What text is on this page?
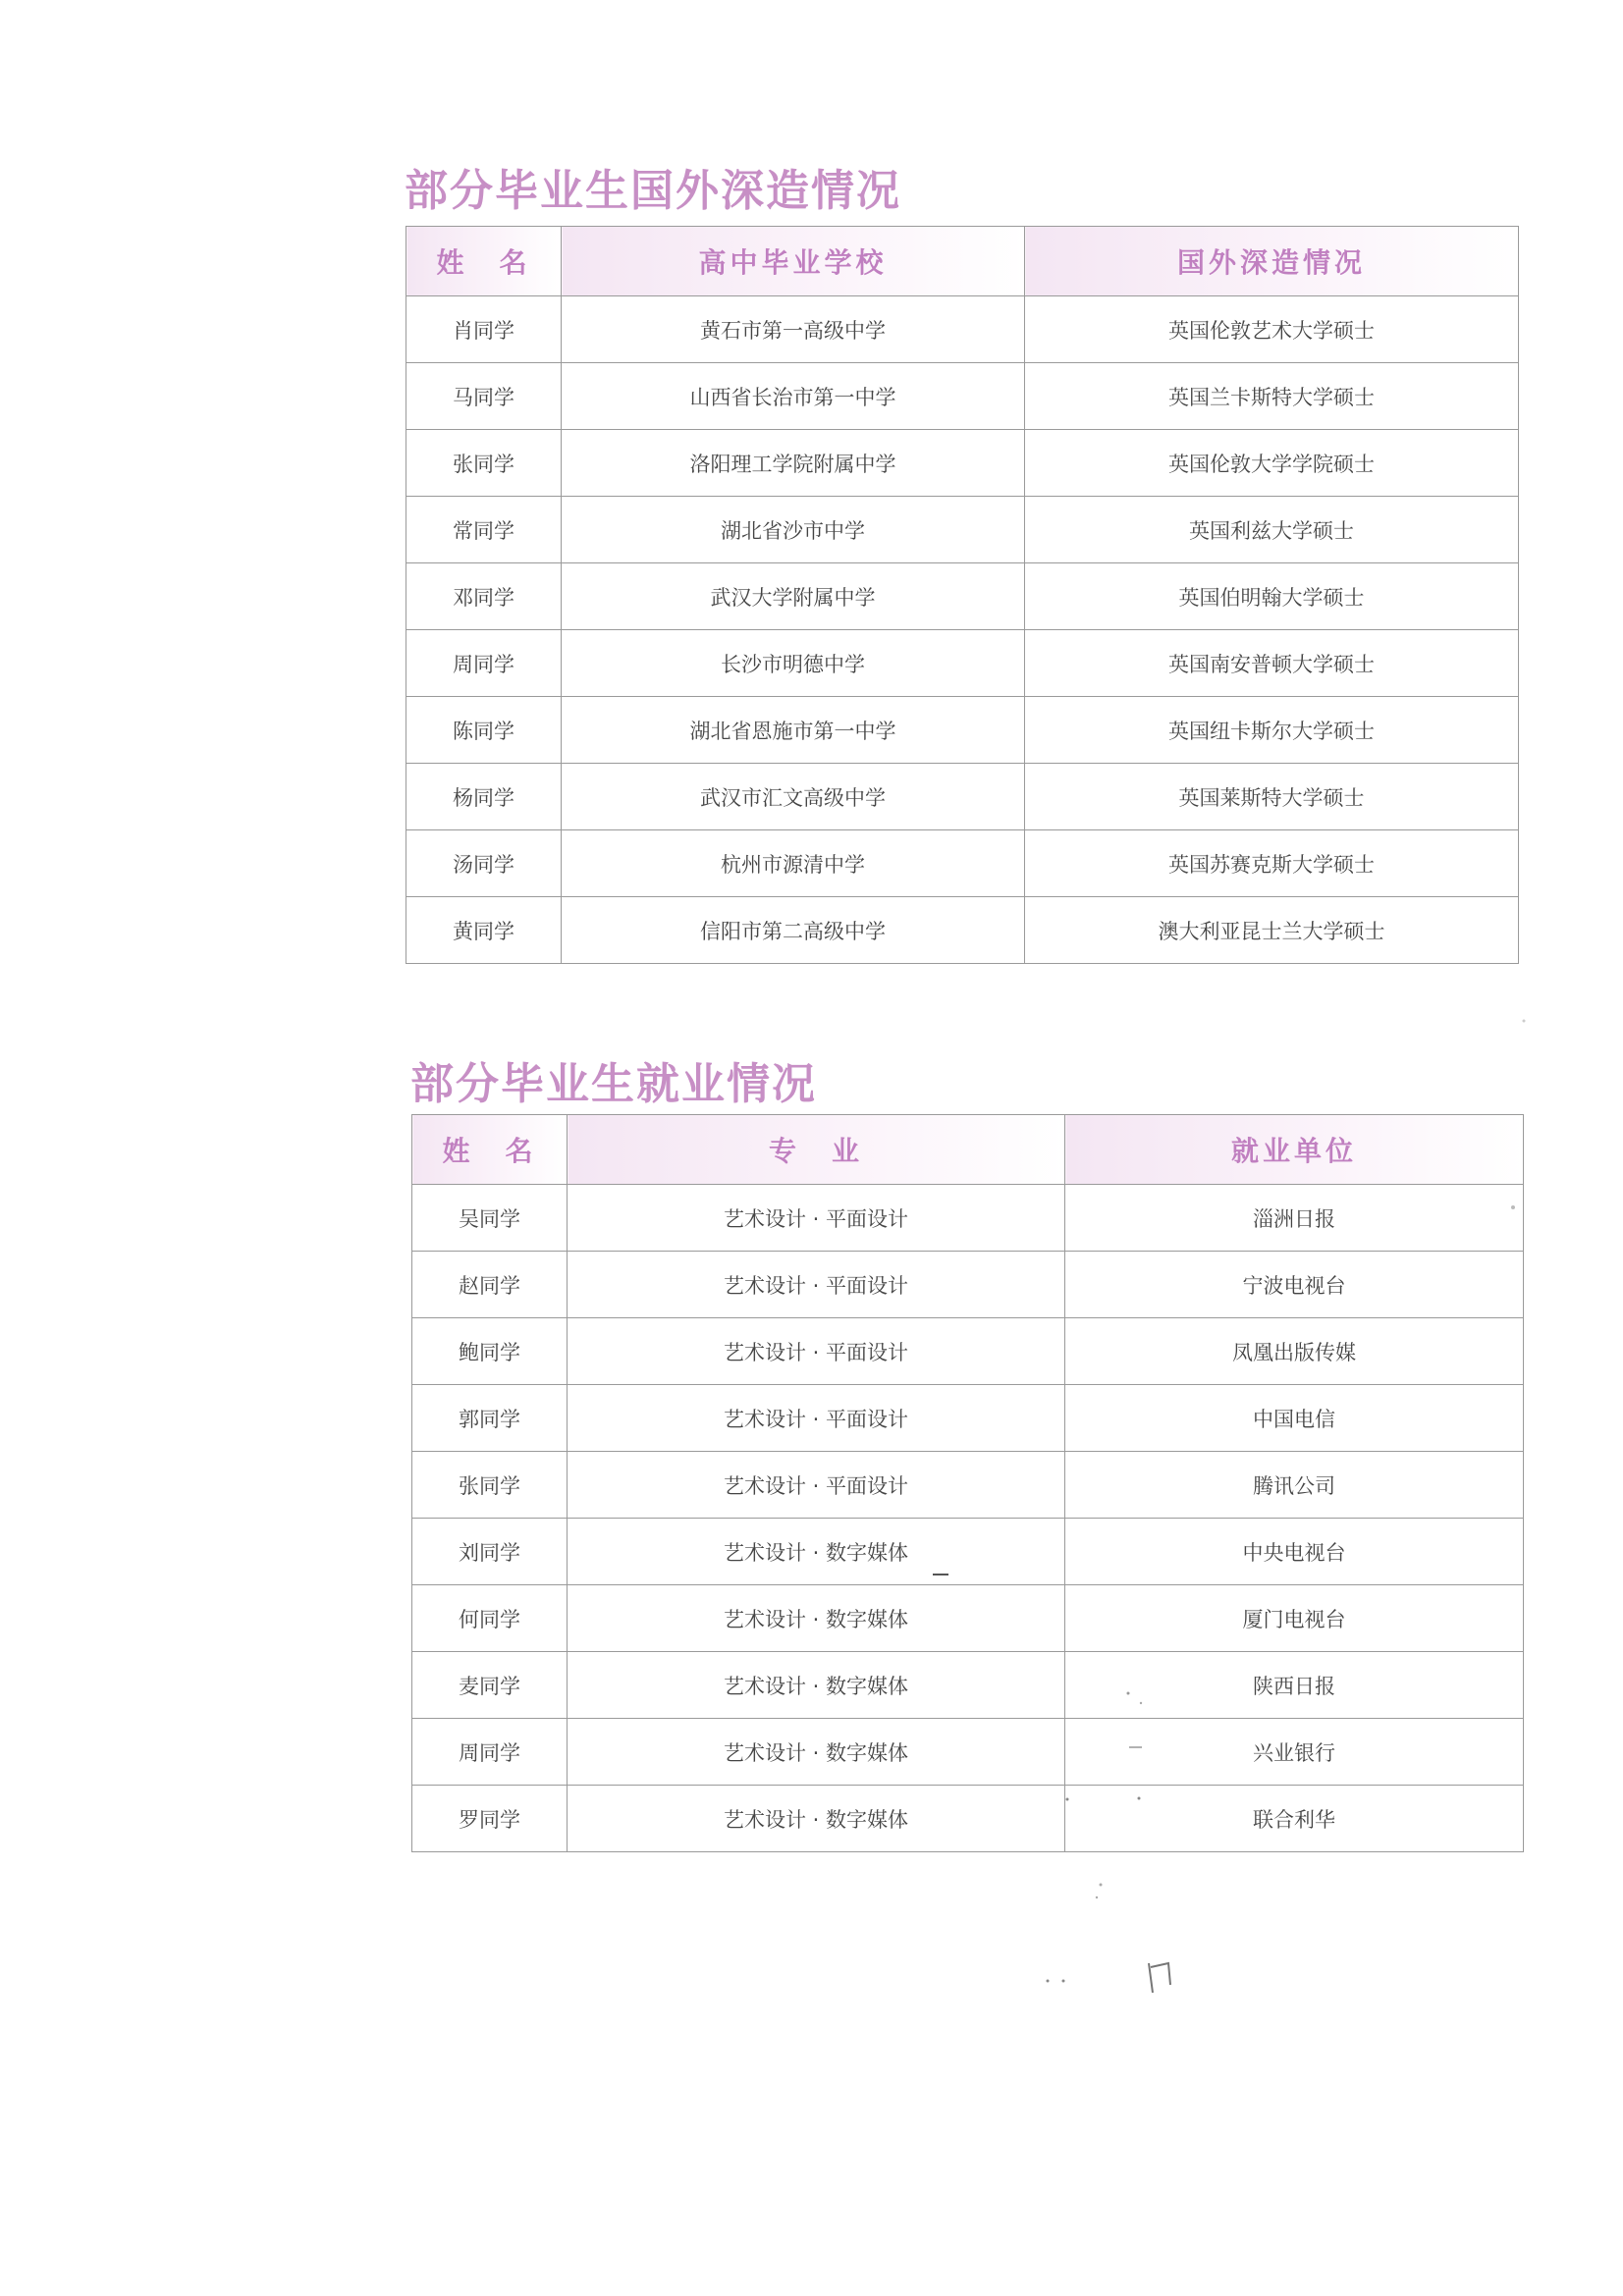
部分毕业生国外深造情况
姓　名	高中毕业学校	国外深造情况
肖同学	黄石市第一高级中学	英国伦敦艺术大学硕士
马同学	山西省长治市第一中学	英国兰卡斯特大学硕士
张同学	洛阳理工学院附属中学	英国伦敦大学学院硕士
常同学	湖北省沙市中学	英国利兹大学硕士
邓同学	武汉大学附属中学	英国伯明翰大学硕士
周同学	长沙市明德中学	英国南安普顿大学硕士
陈同学	湖北省恩施市第一中学	英国纽卡斯尔大学硕士
杨同学	武汉市汇文高级中学	英国莱斯特大学硕士
汤同学	杭州市源清中学	英国苏赛克斯大学硕士
黄同学	信阳市第二高级中学	澳大利亚昆士兰大学硕士
部分毕业生就业情况
姓　名	专　业	就业单位
吴同学	艺术设计 · 平面设计	淄洲日报
赵同学	艺术设计 · 平面设计	宁波电视台
鲍同学	艺术设计 · 平面设计	凤凰出版传媒
郭同学	艺术设计 · 平面设计	中国电信
张同学	艺术设计 · 平面设计	腾讯公司
刘同学	艺术设计 · 数字媒体	中央电视台
何同学	艺术设计 · 数字媒体	厦门电视台
麦同学	艺术设计 · 数字媒体	陕西日报
周同学	艺术设计 · 数字媒体	兴业银行
罗同学	艺术设计 · 数字媒体	联合利华
